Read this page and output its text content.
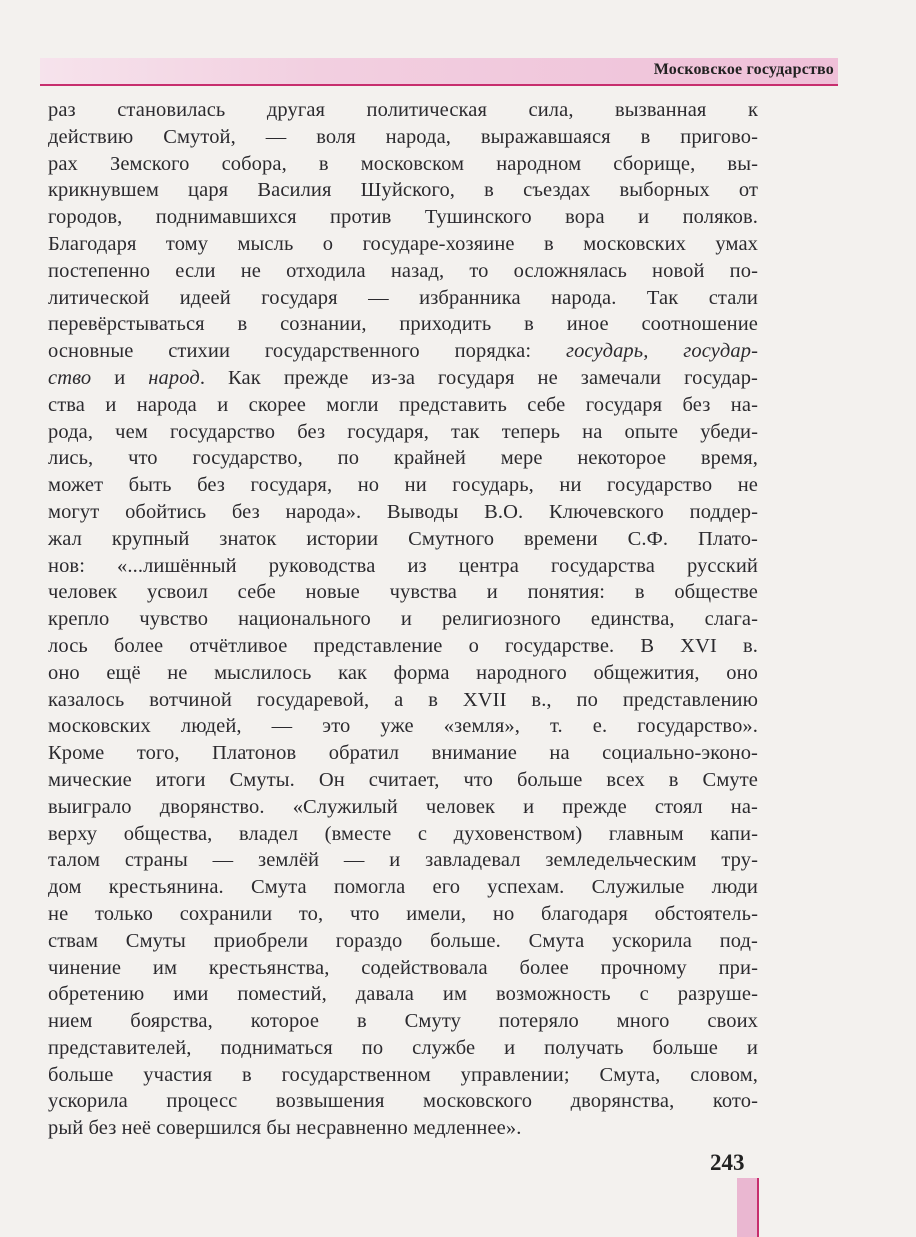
Московское государство
раз становилась другая политическая сила, вызванная к
действию Смутой, — воля народа, выражавшаяся в пригово-
рах Земского собора, в московском народном сборище, вы-
крикнувшем царя Василия Шуйского, в съездах выборных от
городов, поднимавшихся против Тушинского вора и поляков.
Благодаря тому мысль о государе-хозяине в московских умах
постепенно если не отходила назад, то осложнялась новой по-
литической идеей государя — избранника народа. Так стали
перевёрстываться в сознании, приходить в иное соотношение
основные стихии государственного порядка: государь, государ-
ство и народ. Как прежде из-за государя не замечали государ-
ства и народа и скорее могли представить себе государя без на-
рода, чем государство без государя, так теперь на опыте убеди-
лись, что государство, по крайней мере некоторое время,
может быть без государя, но ни государь, ни государство не
могут обойтись без народа». Выводы В.О. Ключевского поддер-
жал крупный знаток истории Смутного времени С.Ф. Плато-
нов: «...лишённый руководства из центра государства русский
человек усвоил себе новые чувства и понятия: в обществе
крепло чувство национального и религиозного единства, слага-
лось более отчётливое представление о государстве. В XVI в.
оно ещё не мыслилось как форма народного общежития, оно
казалось вотчиной государевой, а в XVII в., по представлению
московских людей, — это уже «земля», т. е. государство».
Кроме того, Платонов обратил внимание на социально-эконо-
мические итоги Смуты. Он считает, что больше всех в Смуте
выиграло дворянство. «Служилый человек и прежде стоял на-
верху общества, владел (вместе с духовенством) главным капи-
талом страны — землёй — и завладевал земледельческим тру-
дом крестьянина. Смута помогла его успехам. Служилые люди
не только сохранили то, что имели, но благодаря обстоятель-
ствам Смуты приобрели гораздо больше. Смута ускорила под-
чинение им крестьянства, содействовала более прочному при-
обретению ими поместий, давала им возможность с разруше-
нием боярства, которое в Смуту потеряло много своих
представителей, подниматься по службе и получать больше и
больше участия в государственном управлении; Смута, словом,
ускорила процесс возвышения московского дворянства, кото-
рый без неё совершился бы несравненно медленнее».
243
